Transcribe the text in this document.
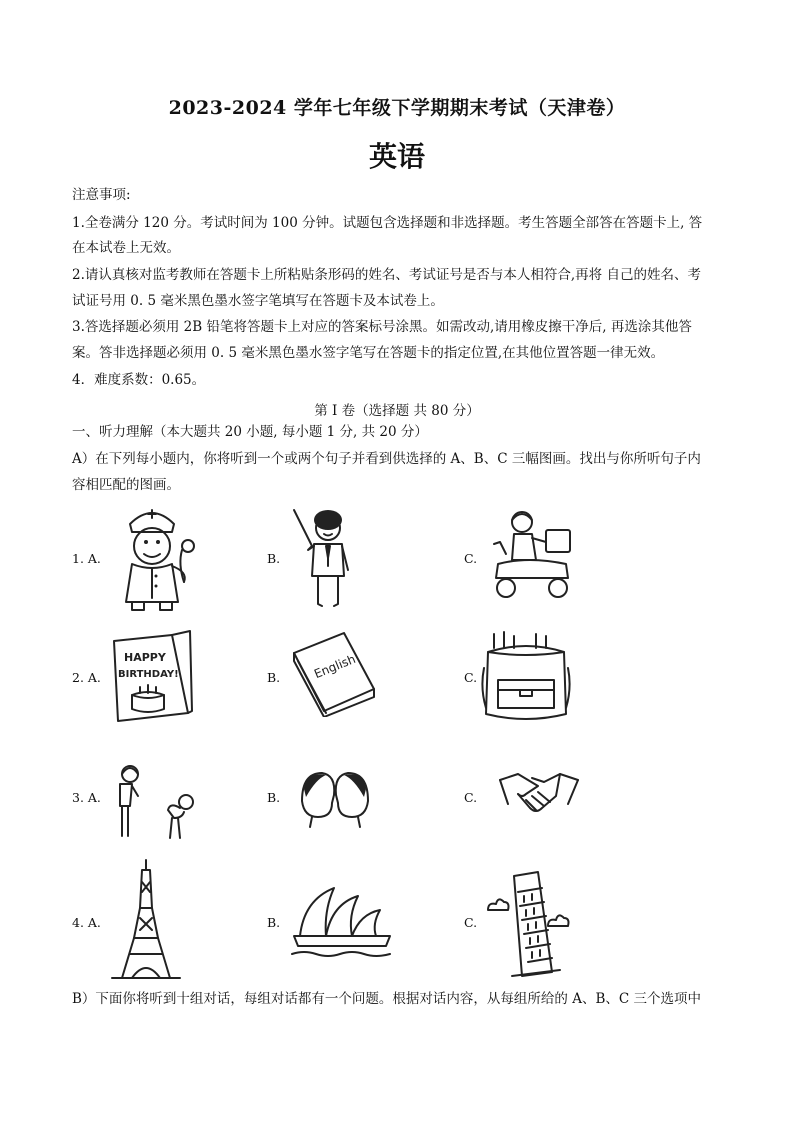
2023-2024 学年七年级下学期期末考试（天津卷）
英语
注意事项:
1.全卷满分 120 分。考试时间为 100 分钟。试题包含选择题和非选择题。考生答题全部答在答题卡上, 答
在本试卷上无效。
2.请认真核对监考教师在答题卡上所粘贴条形码的姓名、考试证号是否与本人相符合,再将 自己的姓名、考
试证号用 0. 5 毫米黑色墨水签字笔填写在答题卡及本试卷上。
3.答选择题必须用 2B 铅笔将答题卡上对应的答案标号涂黑。如需改动,请用橡皮擦干净后, 再选涂其他答
案。答非选择题必须用 0. 5 毫米黑色墨水签字笔写在答题卡的指定位置,在其他位置答题一律无效。
4．难度系数：0.65。
第 I 卷（选择题 共 80 分）
一、听力理解（本大题共 20 小题, 每小题 1 分, 共 20 分）
A）在下列每小题内，你将听到一个或两个句子并看到供选择的 A、B、C 三幅图画。找出与你所听句子内
容相匹配的图画。
1. A.	B.	C.
2. A.	B.	C.
HAPPY
BIRTHDAY!	English
3. A.	B.	C.
4. A.	B.	C.
B）下面你将听到十组对话，每组对话都有一个问题。根据对话内容，从每组所给的 A、B、C 三个选项中
